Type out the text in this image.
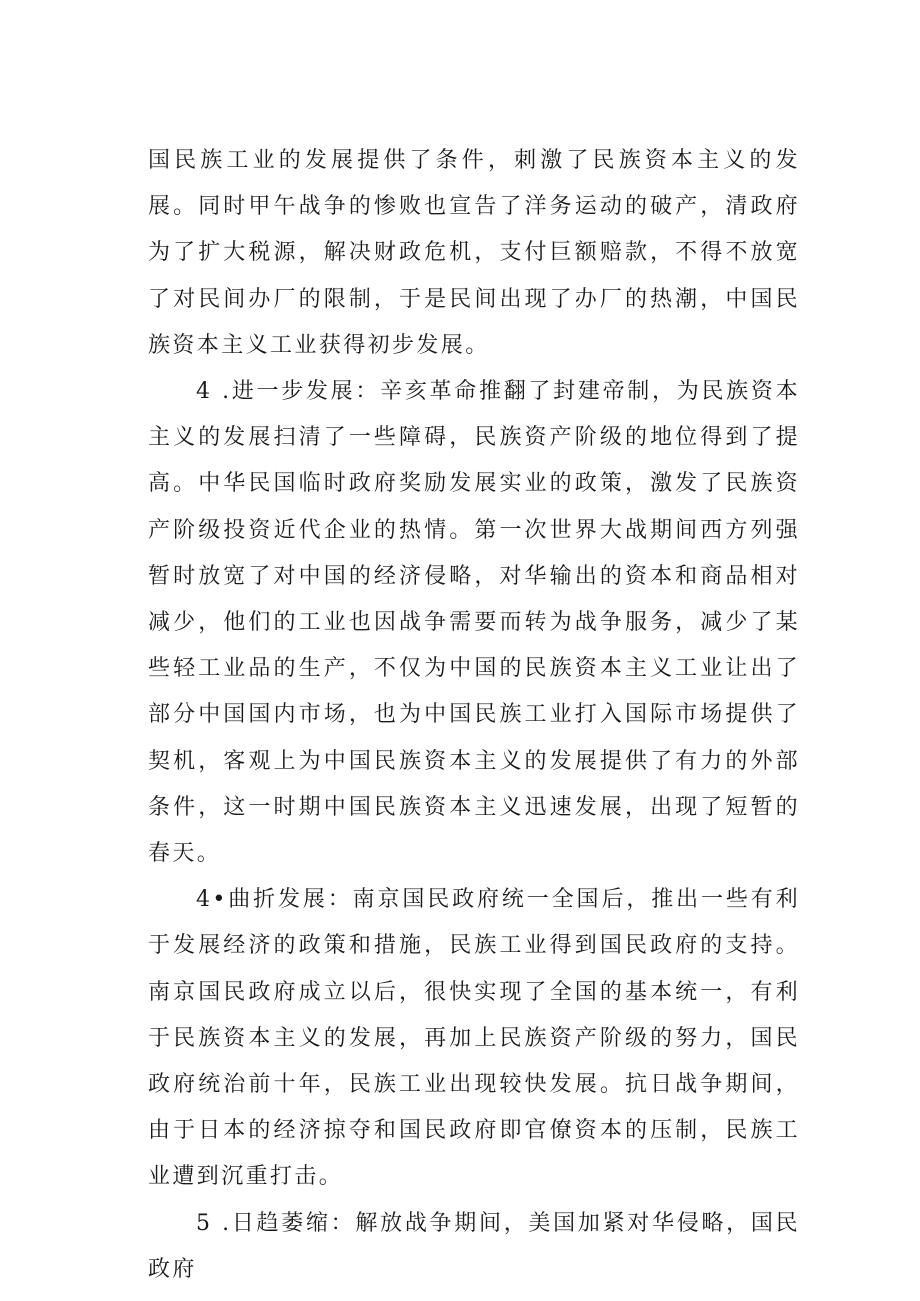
国民族工业的发展提供了条件，刺激了民族资本主义的发展。同时甲午战争的惨败也宣告了洋务运动的破产，清政府为了扩大税源，解决财政危机，支付巨额赔款，不得不放宽了对民间办厂的限制，于是民间出现了办厂的热潮，中国民族资本主义工业获得初步发展。

4 .进一步发展：辛亥革命推翻了封建帝制，为民族资本主义的发展扫清了一些障碍，民族资产阶级的地位得到了提高。中华民国临时政府奖励发展实业的政策，激发了民族资产阶级投资近代企业的热情。第一次世界大战期间西方列强暂时放宽了对中国的经济侵略，对华输出的资本和商品相对减少，他们的工业也因战争需要而转为战争服务，减少了某些轻工业品的生产，不仅为中国的民族资本主义工业让出了部分中国国内市场，也为中国民族工业打入国际市场提供了契机，客观上为中国民族资本主义的发展提供了有力的外部条件，这一时期中国民族资本主义迅速发展，出现了短暂的春天。

4•曲折发展：南京国民政府统一全国后，推出一些有利于发展经济的政策和措施，民族工业得到国民政府的支持。南京国民政府成立以后，很快实现了全国的基本统一，有利于民族资本主义的发展，再加上民族资产阶级的努力，国民政府统治前十年，民族工业出现较快发展。抗日战争期间，由于日本的经济掠夺和国民政府即官僚资本的压制，民族工业遭到沉重打击。

5 .日趋萎缩：解放战争期间，美国加紧对华侵略，国民政府
